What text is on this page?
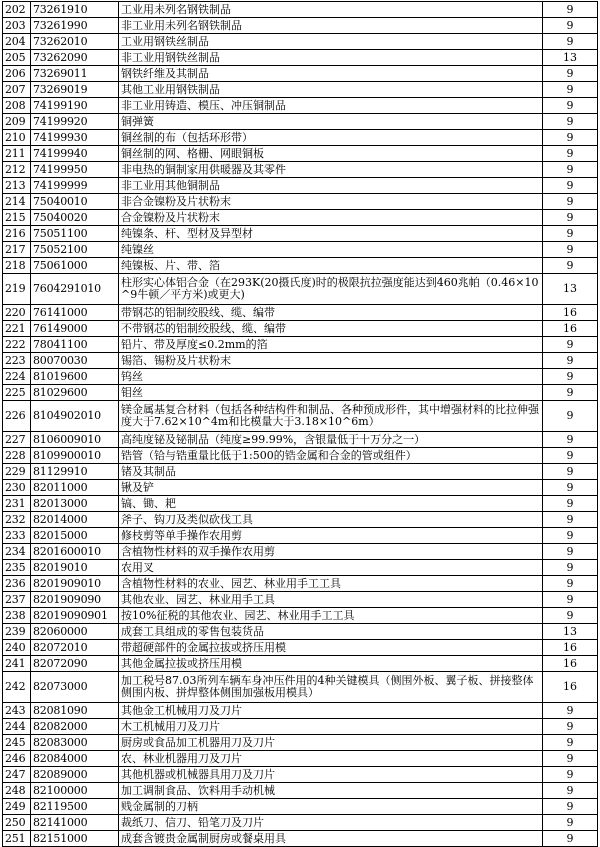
202	73261910	工业用未列名钢铁制品	9
203	73261990	非工业用未列名钢铁制品	9
204	73262010	工业用钢铁丝制品	9
205	73262090	非工业用钢铁丝制品	13
206	73269011	钢铁纤维及其制品	9
207	73269019	其他工业用钢铁制品	9
208	74199190	非工业用铸造、模压、冲压铜制品	9
209	74199920	铜弹簧	9
210	74199930	铜丝制的布（包括环形带）	9
211	74199940	铜丝制的网、格栅、网眼铜板	9
212	74199950	非电热的铜制家用供暖器及其零件	9
213	74199999	非工业用其他铜制品	9
214	75040010	非合金镍粉及片状粉末	9
215	75040020	合金镍粉及片状粉末	9
216	75051100	纯镍条、杆、型材及异型材	9
217	75052100	纯镍丝	9
218	75061000	纯镍板、片、带、箔	9
219	7604291010	柱形实心体铝合金（在293K(20摄氏度)时的极限抗拉强度能达到460兆帕（0.46×10^9牛顿／平方米)或更大)	13
220	76141000	带钢芯的铝制绞股线、缆、编带	16
221	76149000	不带钢芯的铝制绞股线、缆、编带	16
222	78041100	铅片、带及厚度≤0.2mm的箔	9
223	80070030	锡箔、锡粉及片状粉末	9
224	81019600	钨丝	9
225	81029600	钼丝	9
226	8104902010	镁金属基复合材料（包括各种结构件和制品、各种预成形件，其中增强材料的比拉伸强度大于7.62×10^4m和比模量大于3.18×10^6m）	9
227	8106009010	高纯度铋及铋制品（纯度≥99.99%，含银量低于十万分之一）	9
228	8109900010	锆管（铪与锆重量比低于1:500的锆金属和合金的管或组件）	9
229	81129910	锗及其制品	9
230	82011000	锹及铲	9
231	82013000	镐、锄、耙	9
232	82014000	斧子、钩刀及类似砍伐工具	9
233	82015000	修枝剪等单手操作农用剪	9
234	8201600010	含植物性材料的双手操作农用剪	9
235	82019010	农用叉	9
236	8201909010	含植物性材料的农业、园艺、林业用手工工具	9
237	8201909090	其他农业、园艺、林业用手工具	9
238	82019090901	按10%征税的其他农业、园艺、林业用手工工具	9
239	82060000	成套工具组成的零售包装货品	13
240	82072010	带超硬部件的金属拉拔或挤压用模	16
241	82072090	其他金属拉拔或挤压用模	16
242	82073000	加工税号87.03所列车辆车身冲压件用的4种关键模具（侧围外板、翼子板、拼接整体侧围内板、拼焊整体侧围加强板用模具）	16
243	82081090	其他金工机械用刀及刀片	9
244	82082000	木工机械用刀及刀片	9
245	82083000	厨房或食品加工机器用刀及刀片	9
246	82084000	农、林业机器用刀及刀片	9
247	82089000	其他机器或机械器具用刀及刀片	9
248	82100000	加工调制食品、饮料用手动机械	9
249	82119500	贱金属制的刀柄	9
250	82141000	裁纸刀、信刀、铅笔刀及刀片	9
251	82151000	成套含镀贵金属制厨房或餐桌用具	9
